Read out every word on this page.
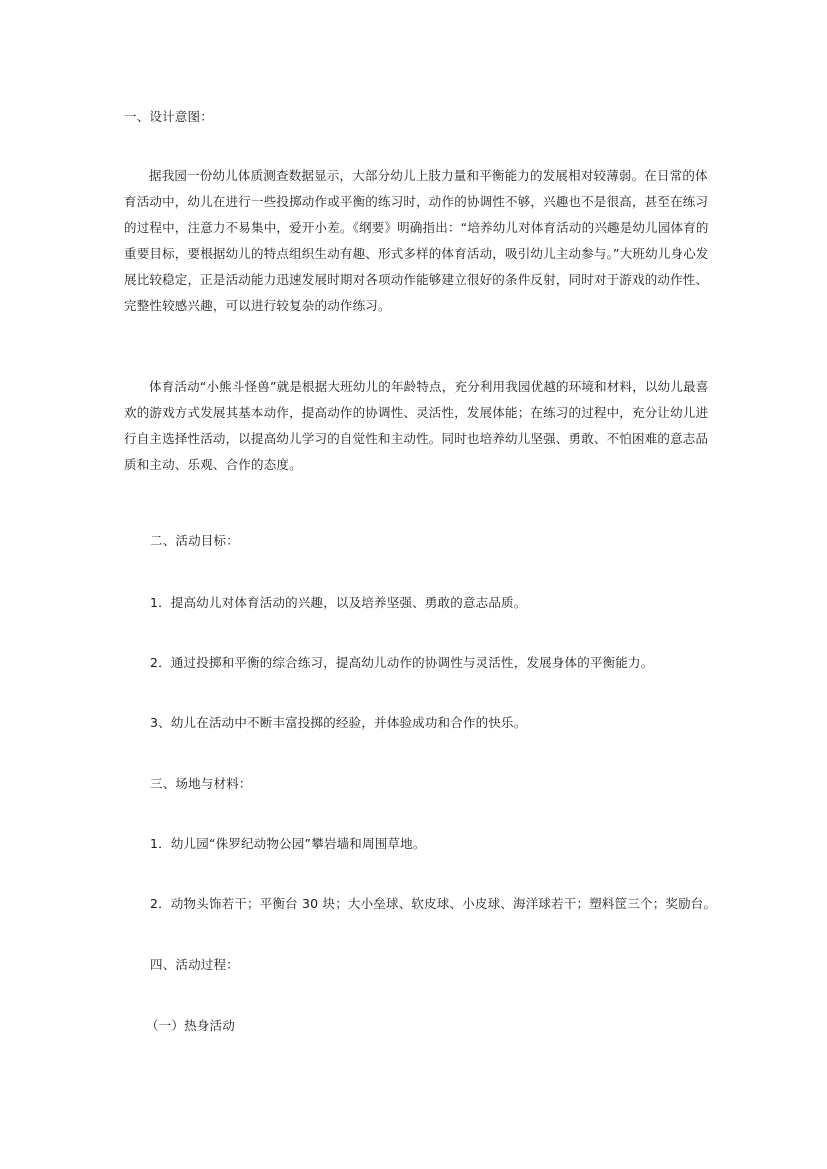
一、设计意图：

据我园一份幼儿体质测查数据显示，大部分幼儿上肢力量和平衡能力的发展相对较薄弱。在日常的体
育活动中，幼儿在进行一些投掷动作或平衡的练习时，动作的协调性不够，兴趣也不是很高，甚至在练习
的过程中，注意力不易集中，爱开小差。《纲要》明确指出：“培养幼儿对体育活动的兴趣是幼儿园体育的
重要目标，要根据幼儿的特点组织生动有趣、形式多样的体育活动，吸引幼儿主动参与。”大班幼儿身心发
展比较稳定，正是活动能力迅速发展时期对各项动作能够建立很好的条件反射，同时对于游戏的动作性、
完整性较感兴趣，可以进行较复杂的动作练习。
体育活动“小熊斗怪兽”就是根据大班幼儿的年龄特点，充分利用我园优越的环境和材料，以幼儿最喜
欢的游戏方式发展其基本动作，提高动作的协调性、灵活性，发展体能；在练习的过程中，充分让幼儿进
行自主选择性活动，以提高幼儿学习的自觉性和主动性。同时也培养幼儿坚强、勇敢、不怕困难的意志品
质和主动、乐观、合作的态度。

二、活动目标：

1．提高幼儿对体育活动的兴趣，以及培养坚强、勇敢的意志品质。

2．通过投掷和平衡的综合练习，提高幼儿动作的协调性与灵活性，发展身体的平衡能力。

3、幼儿在活动中不断丰富投掷的经验，并体验成功和合作的快乐。

三、场地与材料：

1．幼儿园“侏罗纪动物公园”攀岩墙和周围草地。

2．动物头饰若干；平衡台 30 块；大小垒球、软皮球、小皮球、海洋球若干；塑料筐三个；奖励台。

四、活动过程：

（一）热身活动
